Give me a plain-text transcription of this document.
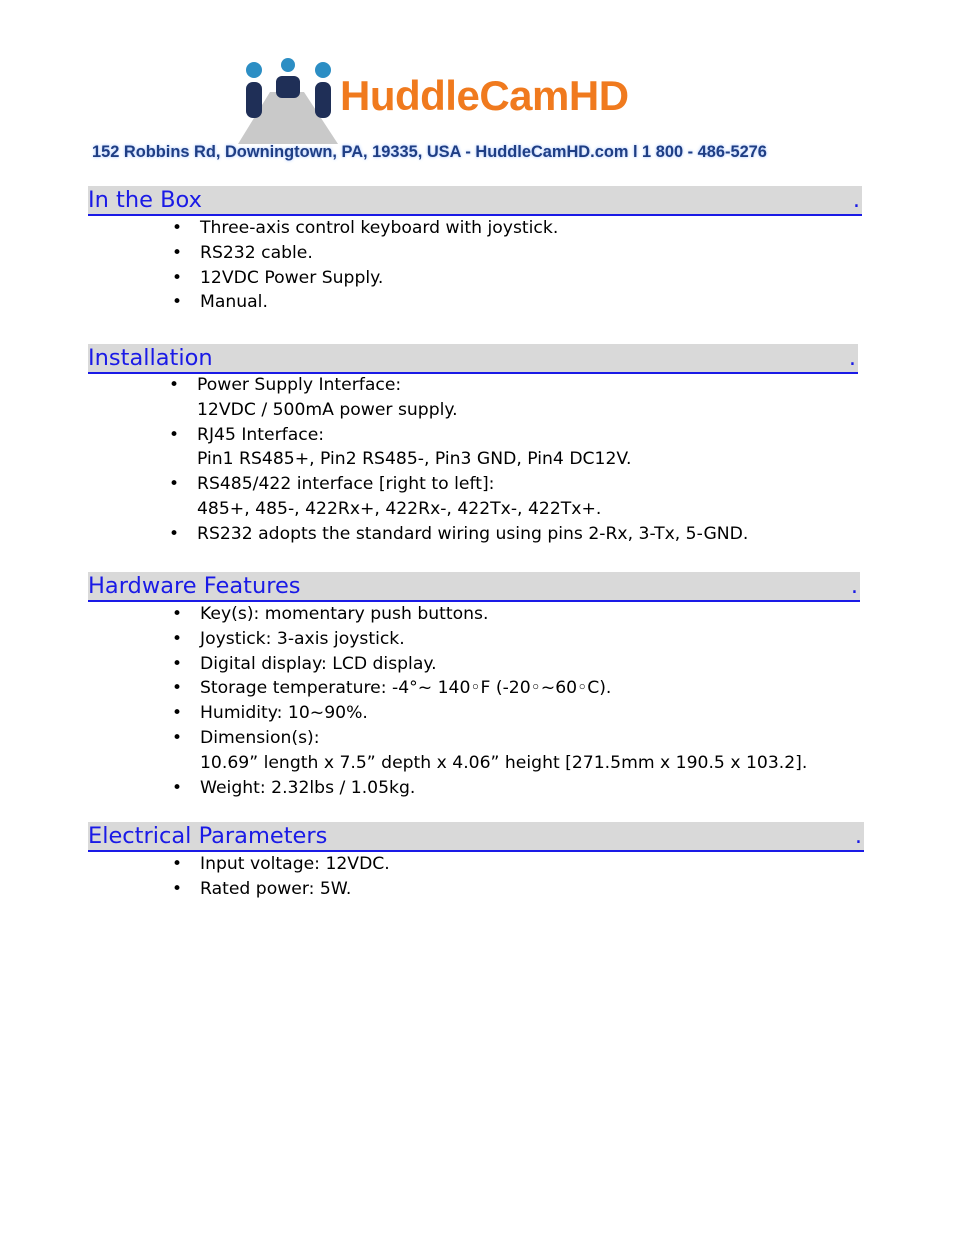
HuddleCamHD
152 Robbins Rd, Downingtown, PA, 19335, USA - HuddleCamHD.com l 1 800 - 486-5276
In the Box	.
• Three-axis control keyboard with joystick.
• RS232 cable.
• 12VDC Power Supply.
• Manual.
Installation	.
• Power Supply Interface:
12VDC / 500mA power supply.
• RJ45 Interface:
Pin1 RS485+, Pin2 RS485-, Pin3 GND, Pin4 DC12V.
• RS485/422 interface [right to left]:
485+, 485-, 422Rx+, 422Rx-, 422Tx-, 422Tx+.
• RS232 adopts the standard wiring using pins 2-Rx, 3-Tx, 5-GND.
Hardware Features	.
• Key(s): momentary push buttons.
• Joystick: 3-axis joystick.
• Digital display: LCD display.
• Storage temperature: -4°~ 140◦F (-20◦~60◦C).
• Humidity: 10~90%.
• Dimension(s):
10.69” length x 7.5” depth x 4.06” height [271.5mm x 190.5 x 103.2].
• Weight: 2.32lbs / 1.05kg.
Electrical Parameters	.
• Input voltage: 12VDC.
• Rated power: 5W.
